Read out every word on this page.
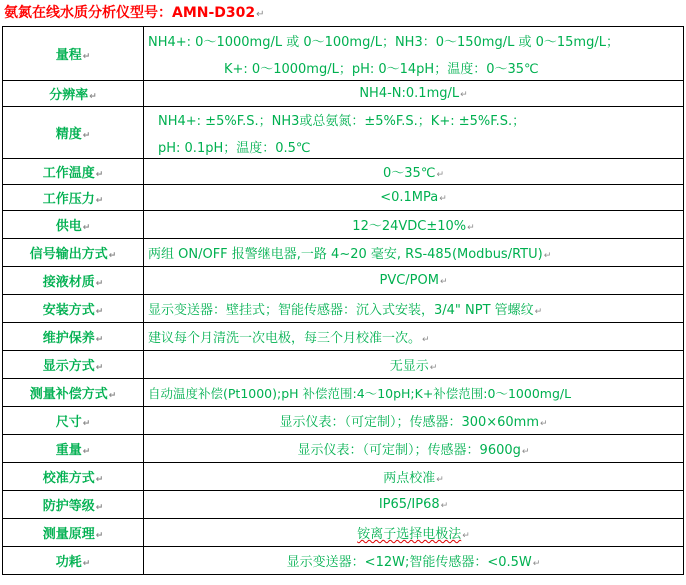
氨氮在线水质分析仪型号：AMN-D302↵
量程↵	NH4+: 0～1000mg/L 或 0～100mg/L；NH3：0～150mg/L 或 0～15mg/L；
K+: 0～1000mg/L；pH: 0～14pH；温度：0～35℃

分辨率↵	NH4-N:0.1mg/L↵
精度↵	NH4+: ±5%F.S.；NH3或总氨氮：±5%F.S.；K+: ±5%F.S.；
pH: 0.1pH；温度：0.5℃

工作温度↵	0～35℃↵
工作压力↵	<0.1MPa↵
供电↵	12～24VDC±10%↵
信号输出方式↵	两组 ON/OFF 报警继电器,一路 4~20 毫安, RS-485(Modbus/RTU)↵
接液材质↵	PVC/POM↵
安装方式↵	显示变送器：壁挂式；智能传感器：沉入式安装，3/4" NPT 管螺纹↵
维护保养↵	建议每个月清洗一次电极，每三个月校准一次。↵
显示方式↵	无显示↵
测量补偿方式↵	自动温度补偿(Pt1000);pH 补偿范围:4～10pH;K+补偿范围:0～1000mg/L
尺寸↵	显示仪表：（可定制）；传感器：300×60mm↵
重量↵	显示仪表：（可定制）；传感器：9600g↵
校准方式↵	两点校准↵
防护等级↵	IP65/IP68↵
测量原理↵	铵离子选择电极法↵
功耗↵	显示变送器：<12W;智能传感器：<0.5W↵
